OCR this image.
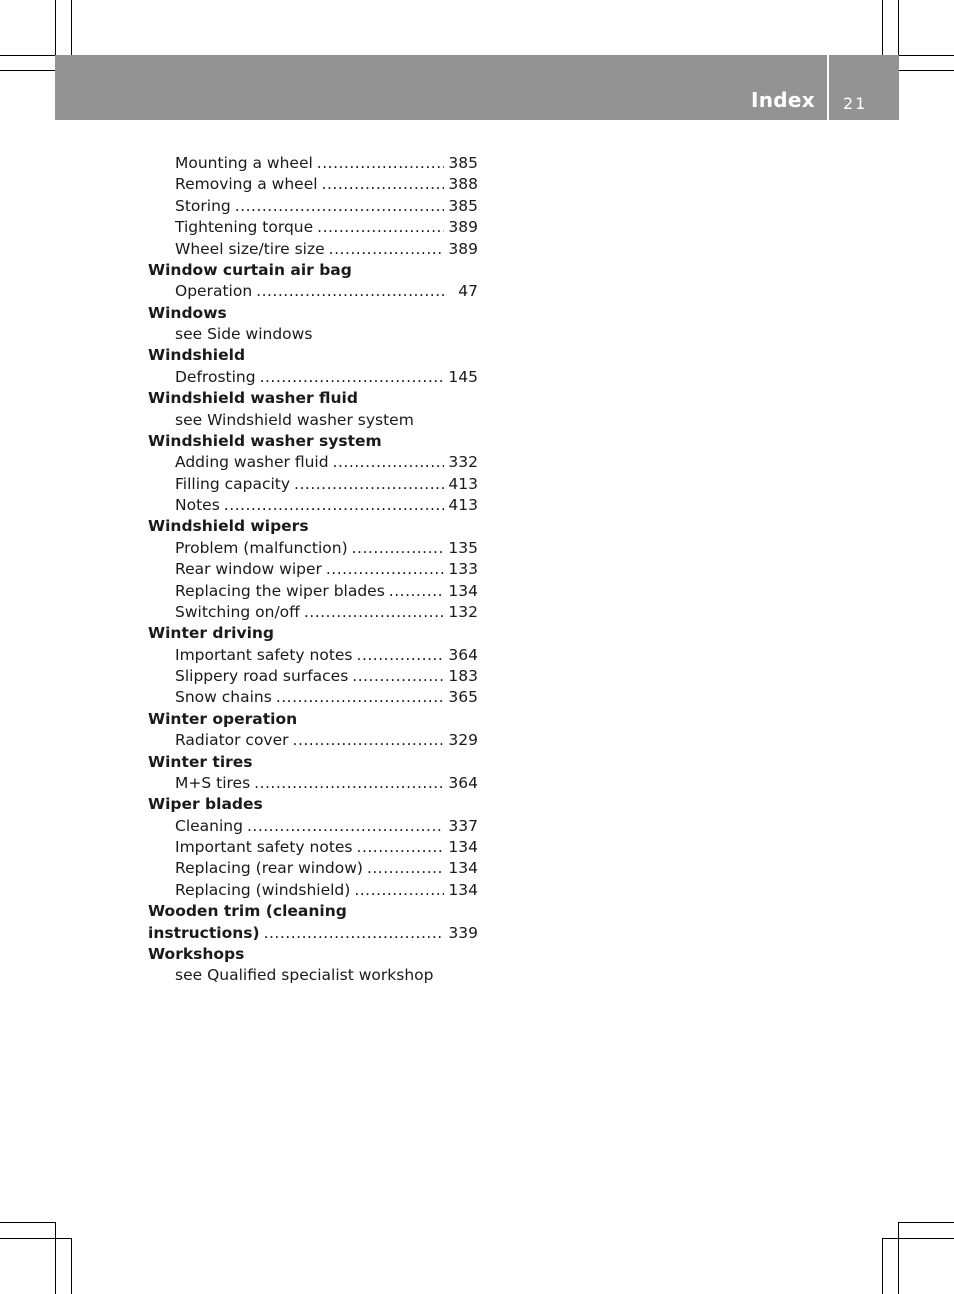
Index 21
Mounting a wheel .....	385
Removing a wheel .....	388
Storing .....	385
Tightening torque .....	389
Wheel size/tire size .....	389
Window curtain air bag
Operation .....	47
Windows
see Side windows
Windshield
Defrosting .....	145
Windshield washer fluid
see Windshield washer system
Windshield washer system
Adding washer fluid .....	332
Filling capacity .....	413
Notes .....	413
Windshield wipers
Problem (malfunction) .....	135
Rear window wiper .....	133
Replacing the wiper blades .....	134
Switching on/off .....	132
Winter driving
Important safety notes .....	364
Slippery road surfaces .....	183
Snow chains .....	365
Winter operation
Radiator cover .....	329
Winter tires
M+S tires .....	364
Wiper blades
Cleaning .....	337
Important safety notes .....	134
Replacing (rear window) .....	134
Replacing (windshield) .....	134
Wooden trim (cleaning
instructions) .....	339
Workshops
see Qualified specialist workshop
